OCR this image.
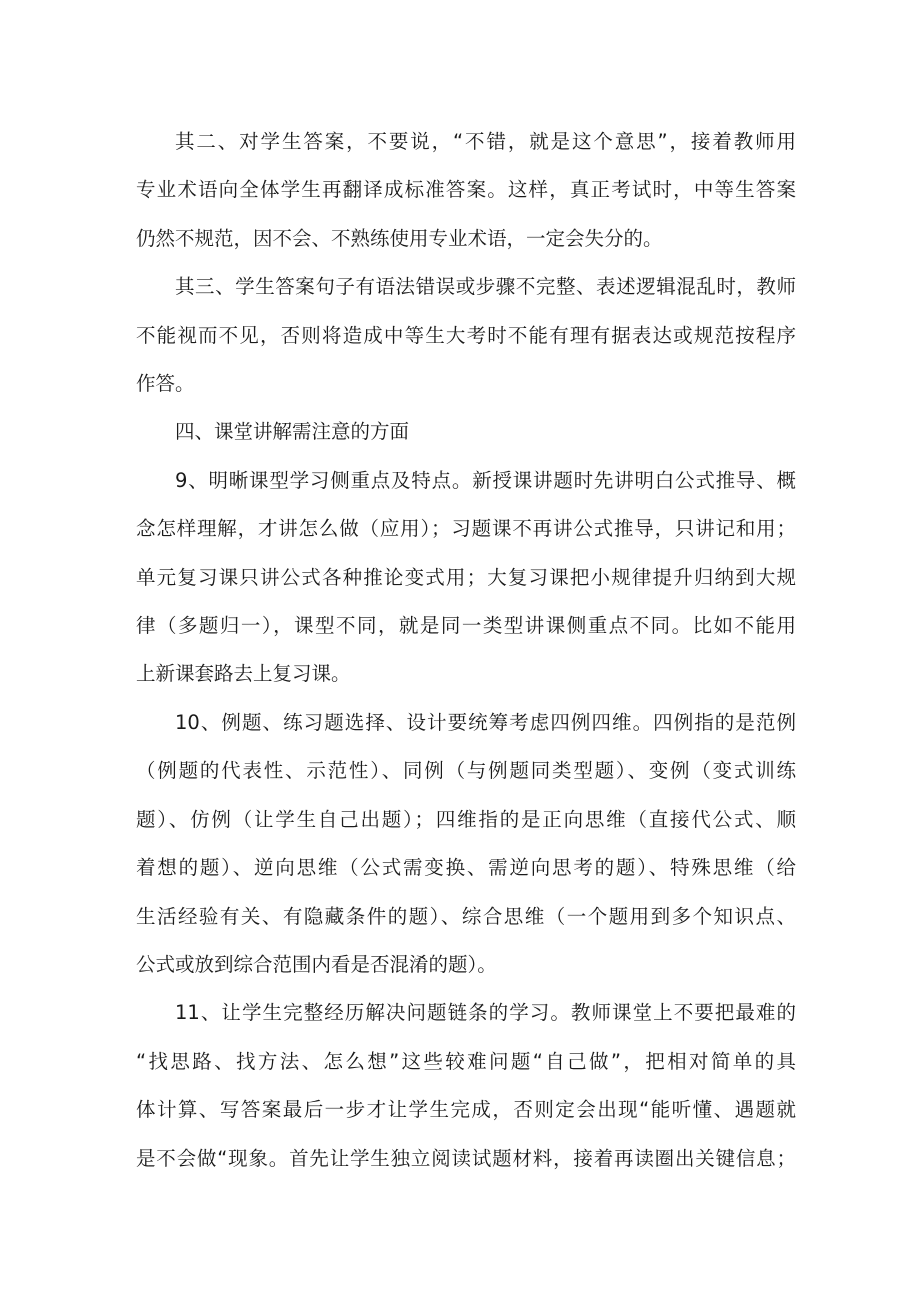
其二、对学生答案，不要说，“不错，就是这个意思”，接着教师用
专业术语向全体学生再翻译成标准答案。这样，真正考试时，中等生答案
仍然不规范，因不会、不熟练使用专业术语，一定会失分的。

其三、学生答案句子有语法错误或步骤不完整、表述逻辑混乱时，教师
不能视而不见，否则将造成中等生大考时不能有理有据表达或规范按程序
作答。

四、课堂讲解需注意的方面

9、明晰课型学习侧重点及特点。新授课讲题时先讲明白公式推导、概
念怎样理解，才讲怎么做（应用）；习题课不再讲公式推导，只讲记和用；
单元复习课只讲公式各种推论变式用；大复习课把小规律提升归纳到大规
律（多题归一），课型不同，就是同一类型讲课侧重点不同。比如不能用
上新课套路去上复习课。

10、例题、练习题选择、设计要统筹考虑四例四维。四例指的是范例
（例题的代表性、示范性）、同例（与例题同类型题）、变例（变式训练
题）、仿例（让学生自己出题）；四维指的是正向思维（直接代公式、顺
着想的题）、逆向思维（公式需变换、需逆向思考的题）、特殊思维（给
生活经验有关、有隐藏条件的题）、综合思维（一个题用到多个知识点、
公式或放到综合范围内看是否混淆的题）。

11、让学生完整经历解决问题链条的学习。教师课堂上不要把最难的
“找思路、找方法、怎么想”这些较难问题“自己做”，把相对简单的具
体计算、写答案最后一步才让学生完成，否则定会出现“能听懂、遇题就
是不会做“现象。首先让学生独立阅读试题材料，接着再读圈出关键信息；
